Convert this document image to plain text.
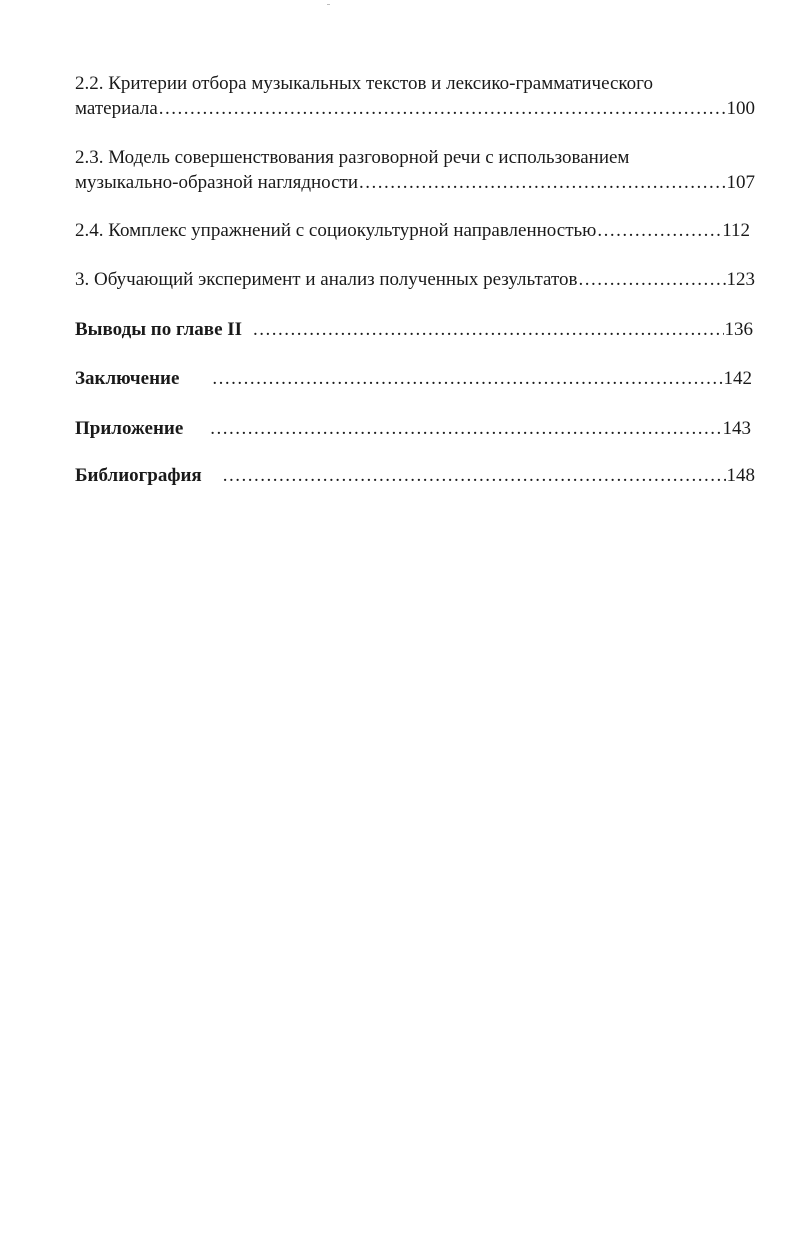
2.2. Критерии отбора музыкальных текстов и лексико-грамматического
материала .....	100
2.3. Модель совершенствования разговорной речи с использованием
музыкально-образной наглядности .....	107
2.4. Комплекс упражнений с социокультурной направленностью .....	112
3. Обучающий эксперимент и анализ полученных результатов .....	123
Выводы по главе II .....	136
Заключение .....	142
Приложение .....	143
Библиография .....	148
